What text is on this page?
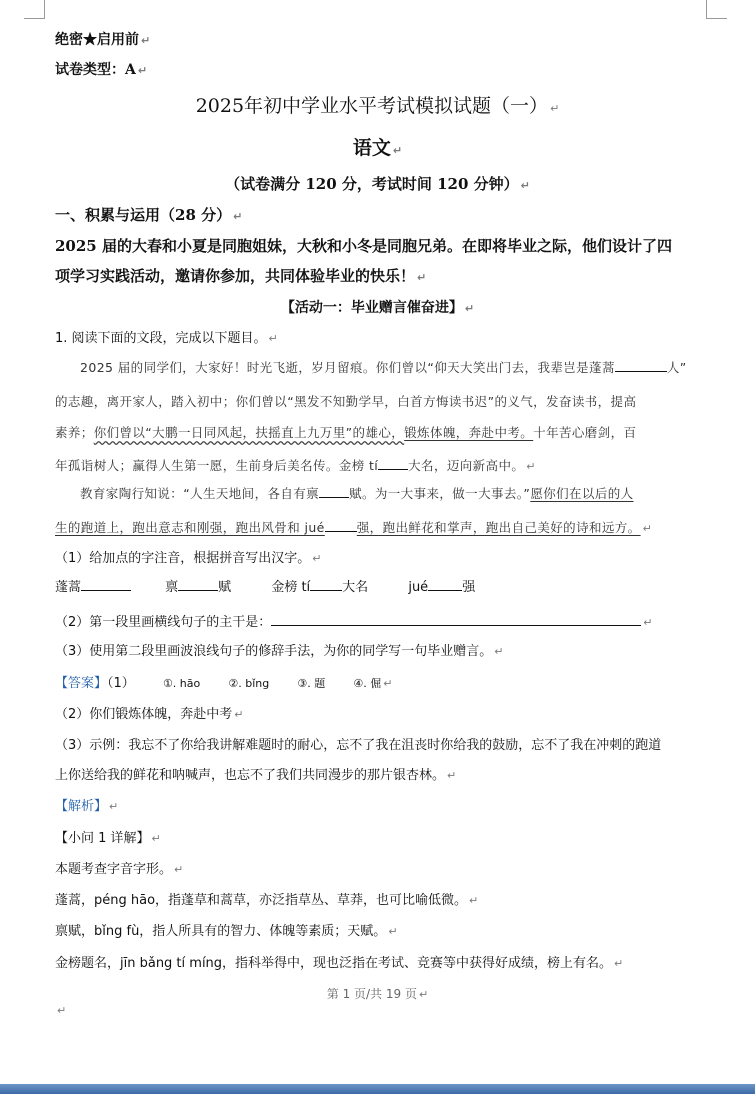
绝密★启用前 ↵
试卷类型：A ↵
2025年初中学业水平考试模拟试题（一） ↵
语文 ↵
（试卷满分 120 分，考试时间 120 分钟） ↵
一、积累与运用（28 分） ↵
2025 届的大春和小夏是同胞姐妹，大秋和小冬是同胞兄弟。在即将毕业之际，他们设计了四
项学习实践活动，邀请你参加，共同体验毕业的快乐！ ↵
【活动一：毕业赠言催奋进】 ↵
1. 阅读下面的文段，完成以下题目。 ↵
2025 届的同学们，大家好！时光飞逝，岁月留痕。你们曾以“仰天大笑出门去，我辈岂是蓬蒿	人”
的志趣，离开家人，踏入初中；你们曾以“黑发不知勤学早，白首方悔读书迟”的义气，发奋读书，提高
素养；你们曾以“大鹏一日同风起，扶摇直上九万里”的雄心，锻炼体魄，奔赴中考。十年苦心磨剑，百
年孤诣树人；赢得人生第一愿，生前身后美名传。金榜 tí 大名，迈向新高中。 ↵
教育家陶行知说：“人生天地间，各自有禀 赋。为一大事来，做一大事去。”愿你们在以后的人
生的跑道上，跑出意志和刚强，跑出风骨和 jué	强，跑出鲜花和掌声，跑出自己美好的诗和远方。 ↵
（1）给加点的字注音，根据拼音写出汉字。 ↵
蓬蒿	禀	赋	金榜 tí 大名	jué	强
（2）第一段里画横线句子的主干是：	↵
（3）使用第二段里画波浪线句子的修辞手法，为你的同学写一句毕业赠言。 ↵
【答案】（1）	①. hāo	②. bǐng	③. 题	④. 倔 ↵
（2）你们锻炼体魄，奔赴中考 ↵
（3）示例：我忘不了你给我讲解难题时的耐心，忘不了我在沮丧时你给我的鼓励，忘不了我在冲刺的跑道
上你送给我的鲜花和呐喊声，也忘不了我们共同漫步的那片银杏林。 ↵
【解析】 ↵
【小问 1 详解】 ↵
本题考查字音字形。 ↵
蓬蒿，péng hāo，指蓬草和蒿草，亦泛指草丛、草莽，也可比喻低微。 ↵
禀赋，bǐng fù，指人所具有的智力、体魄等素质；天赋。 ↵
金榜题名，jīn bǎng tí míng，指科举得中，现也泛指在考试、竞赛等中获得好成绩，榜上有名。 ↵
第 1 页/共 19 页 ↵
↵
